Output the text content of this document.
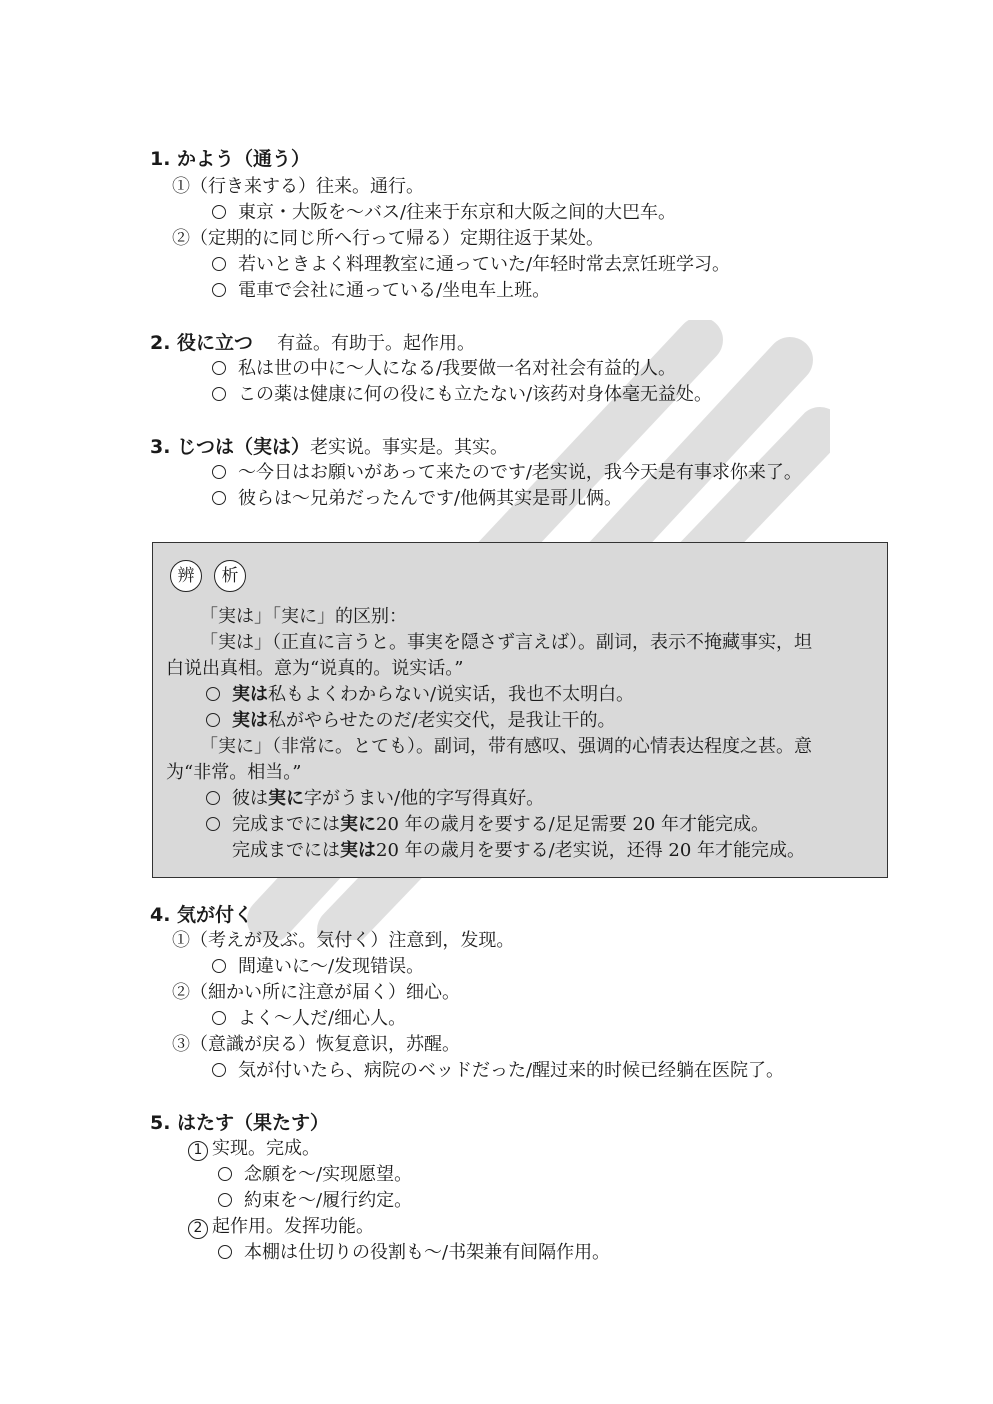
1. かよう（通う）
①（行き来する）往来。通行。
東京・大阪を～バス/往来于东京和大阪之间的大巴车。
②（定期的に同じ所へ行って帰る）定期往返于某处。
若いときよく料理教室に通っていた/年轻时常去烹饪班学习。
電車で会社に通っている/坐电车上班。
2. 役に立つ 有益。有助于。起作用。
私は世の中に～人になる/我要做一名对社会有益的人。
この薬は健康に何の役にも立たない/该药对身体毫无益处。
3. じつは（実は）老实说。事实是。其实。
～今日はお願いがあって来たのです/老实说，我今天是有事求你来了。
彼らは～兄弟だったんです/他俩其实是哥儿俩。
辨	析
「実は」「実に」的区别：
「実は」（正直に言うと。事実を隠さず言えば）。副词，表示不掩藏事实，坦
白说出真相。意为“说真的。说实话。”
実は私もよくわからない/说实话，我也不太明白。
実は私がやらせたのだ/老实交代，是我让干的。
「実に」（非常に。とても）。副词，带有感叹、强调的心情表达程度之甚。意
为“非常。相当。”
彼は実に字がうまい/他的字写得真好。
完成までには実に20 年の歳月を要する/足足需要 20 年才能完成。
完成までには実は20 年の歳月を要する/老实说，还得 20 年才能完成。
4. 気が付く
①（考えが及ぶ。気付く）注意到，发现。
間違いに～/发现错误。
②（細かい所に注意が届く）细心。
よく～人だ/细心人。
③（意識が戻る）恢复意识，苏醒。
気が付いたら、病院のベッドだった/醒过来的时候已经躺在医院了。
5. はたす（果たす）
1 实现。完成。
念願を～/实现愿望。
約束を～/履行约定。
2 起作用。发挥功能。
本棚は仕切りの役割も～/书架兼有间隔作用。
